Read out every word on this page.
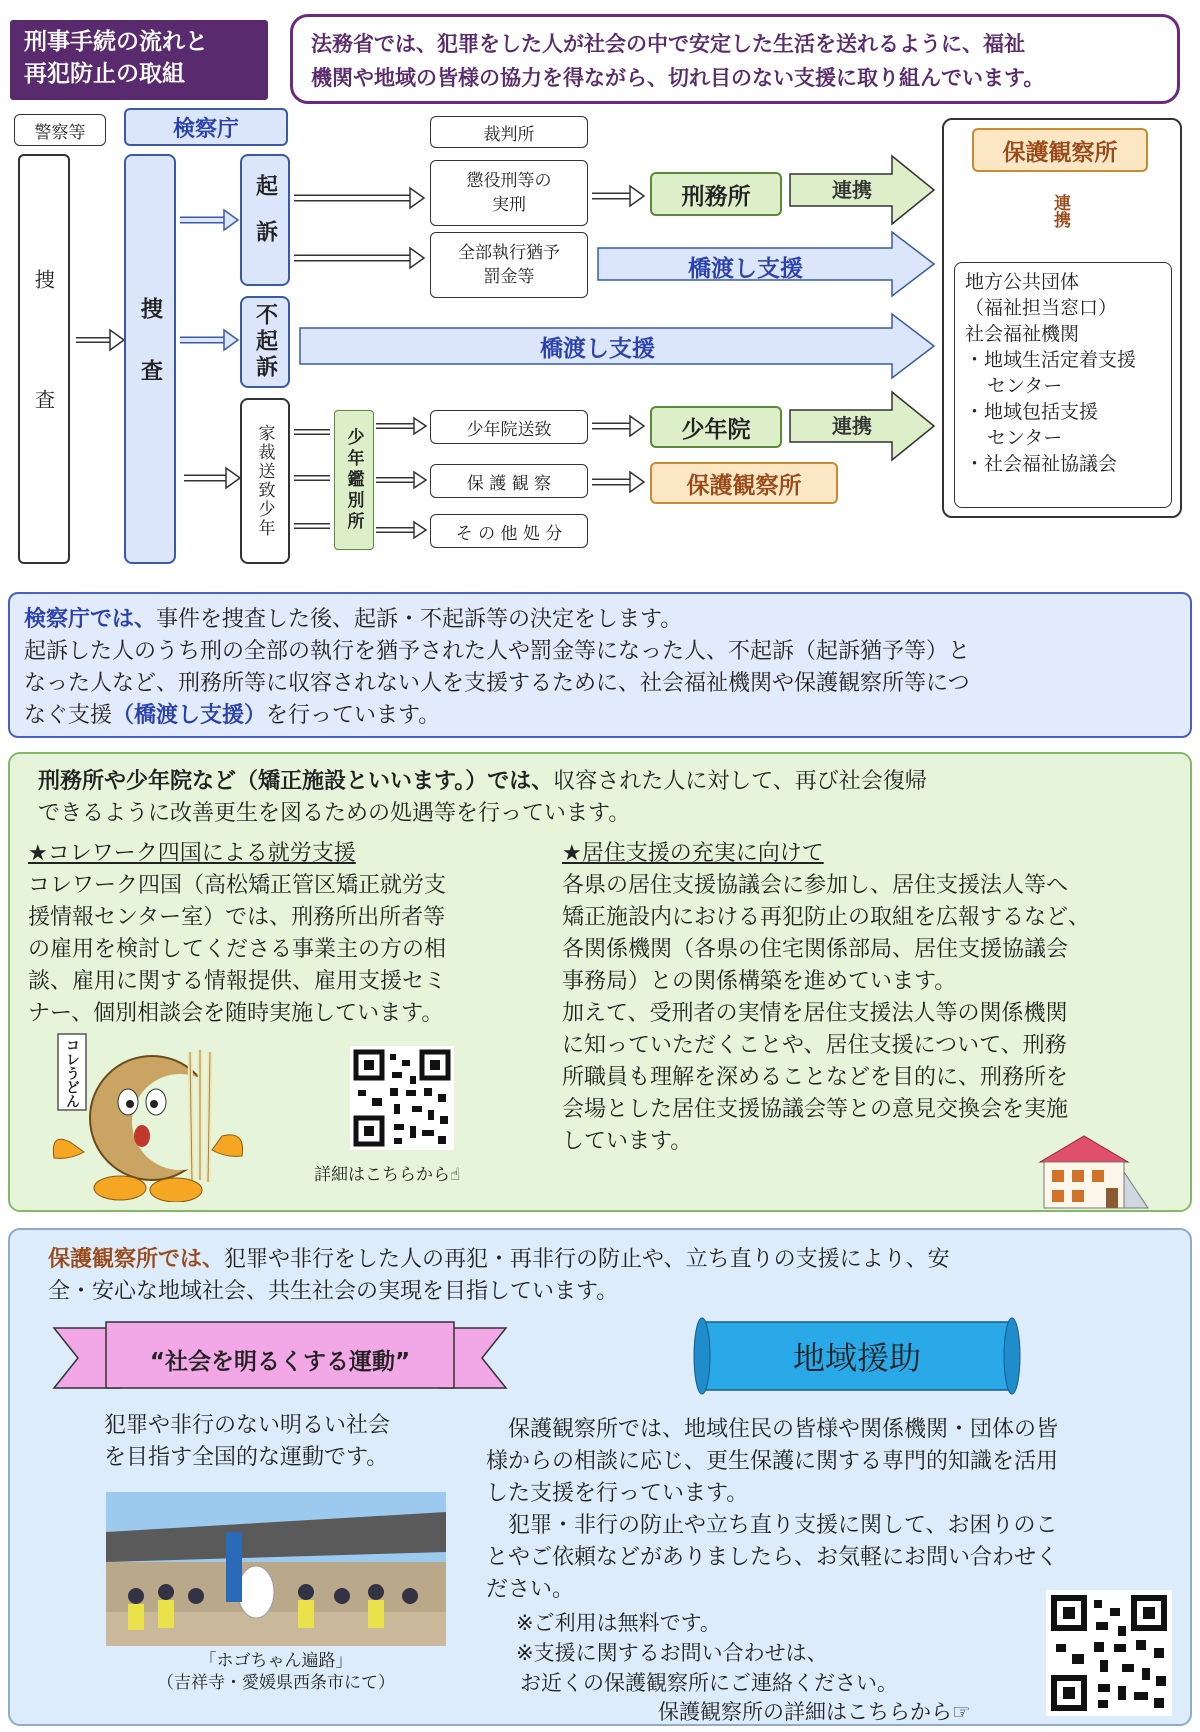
刑事手続の流れと
再犯防止の取組
法務省では、犯罪をした人が社会の中で安定した生活を送れるように、福祉
機関や地域の皆様の協力を得ながら、切れ目のない支援に取り組んでいます。
警察等
捜　査
検察庁
捜査
起訴
不起訴
家裁送致少年	少年鑑別所
裁判所
懲役刑等の
実刑
全部執行猶予
罰金等
少年院送致
保 護 観 察
そ の 他 処 分
刑務所	連携
橋渡し支援
橋渡し支援
少年院	連携
保護観察所
保護観察所
連携
地方公共団体
（福祉担当窓口）
社会福祉機関
・地域生活定着支援
センター
・地域包括支援
センター
・社会福祉協議会
検察庁では、事件を捜査した後、起訴・不起訴等の決定をします。
起訴した人のうち刑の全部の執行を猶予された人や罰金等になった人、不起訴（起訴猶予等）と
なった人など、刑務所等に収容されない人を支援するために、社会福祉機関や保護観察所等につ
なぐ支援（橋渡し支援）を行っています。
刑務所や少年院など（矯正施設といいます。）では、収容された人に対して、再び社会復帰
できるように改善更生を図るための処遇等を行っています。
★コレワーク四国による就労支援
コレワーク四国（高松矯正管区矯正就労支
援情報センター室）では、刑務所出所者等
の雇用を検討してくださる事業主の方の相
談、雇用に関する情報提供、雇用支援セミ
ナー、個別相談会を随時実施しています。
コレうどん
詳細はこちらから☝
★居住支援の充実に向けて
各県の居住支援協議会に参加し、居住支援法人等へ
矯正施設内における再犯防止の取組を広報するなど、
各関係機関（各県の住宅関係部局、居住支援協議会
事務局）との関係構築を進めています。
加えて、受刑者の実情を居住支援法人等の関係機関
に知っていただくことや、居住支援について、刑務
所職員も理解を深めることなどを目的に、刑務所を
会場とした居住支援協議会等との意見交換会を実施
しています。
保護観察所では、犯罪や非行をした人の再犯・再非行の防止や、立ち直りの支援により、安
全・安心な地域社会、共生社会の実現を目指しています。
“社会を明るくする運動”
犯罪や非行のない明るい社会
を目指す全国的な運動です。
「ホゴちゃん遍路」
（吉祥寺・愛媛県西条市にて）
地域援助
　保護観察所では、地域住民の皆様や関係機関・団体の皆
様からの相談に応じ、更生保護に関する専門的知識を活用
した支援を行っています。
　犯罪・非行の防止や立ち直り支援に関して、お困りのこ
とやご依頼などがありましたら、お気軽にお問い合わせく
ださい。
※ご利用は無料です。
※支援に関するお問い合わせは、
お近くの保護観察所にご連絡ください。
保護観察所の詳細はこちらから☞
